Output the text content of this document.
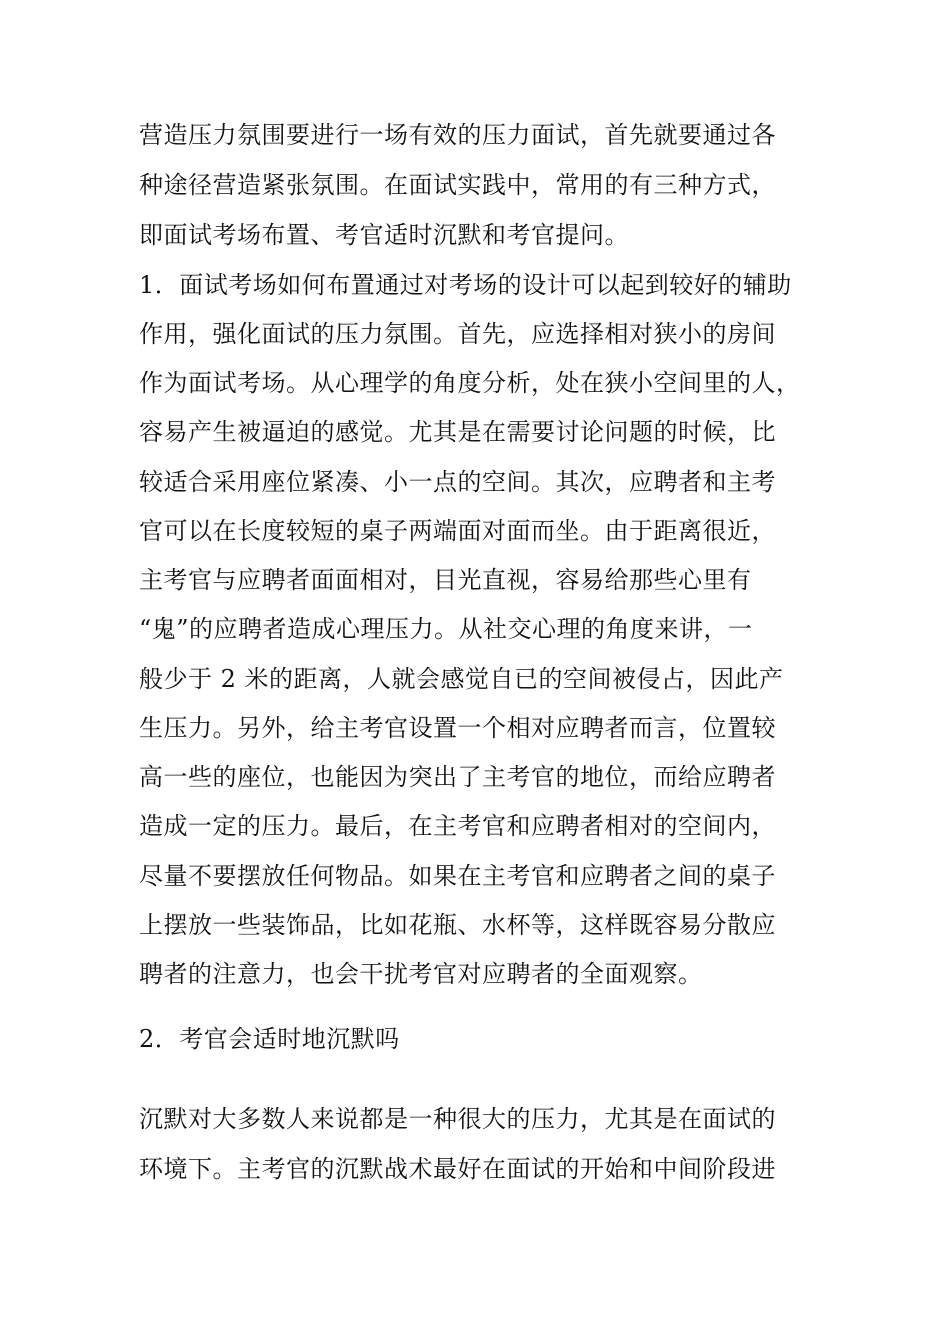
营造压力氛围要进行一场有效的压力面试，首先就要通过各
种途径营造紧张氛围。在面试实践中，常用的有三种方式，
即面试考场布置、考官适时沉默和考官提问。
1．面试考场如何布置通过对考场的设计可以起到较好的辅助
作用，强化面试的压力氛围。首先，应选择相对狭小的房间
作为面试考场。从心理学的角度分析，处在狭小空间里的人，
容易产生被逼迫的感觉。尤其是在需要讨论问题的时候，比
较适合采用座位紧凑、小一点的空间。其次，应聘者和主考
官可以在长度较短的桌子两端面对面而坐。由于距离很近，
主考官与应聘者面面相对，目光直视，容易给那些心里有
“鬼”的应聘者造成心理压力。从社交心理的角度来讲，一
般少于 2 米的距离，人就会感觉自已的空间被侵占，因此产
生压力。另外，给主考官设置一个相对应聘者而言，位置较
高一些的座位，也能因为突出了主考官的地位，而给应聘者
造成一定的压力。最后，在主考官和应聘者相对的空间内，
尽量不要摆放任何物品。如果在主考官和应聘者之间的桌子
上摆放一些装饰品，比如花瓶、水杯等，这样既容易分散应
聘者的注意力，也会干扰考官对应聘者的全面观察。
2．考官会适时地沉默吗
沉默对大多数人来说都是一种很大的压力，尤其是在面试的
环境下。主考官的沉默战术最好在面试的开始和中间阶段进
